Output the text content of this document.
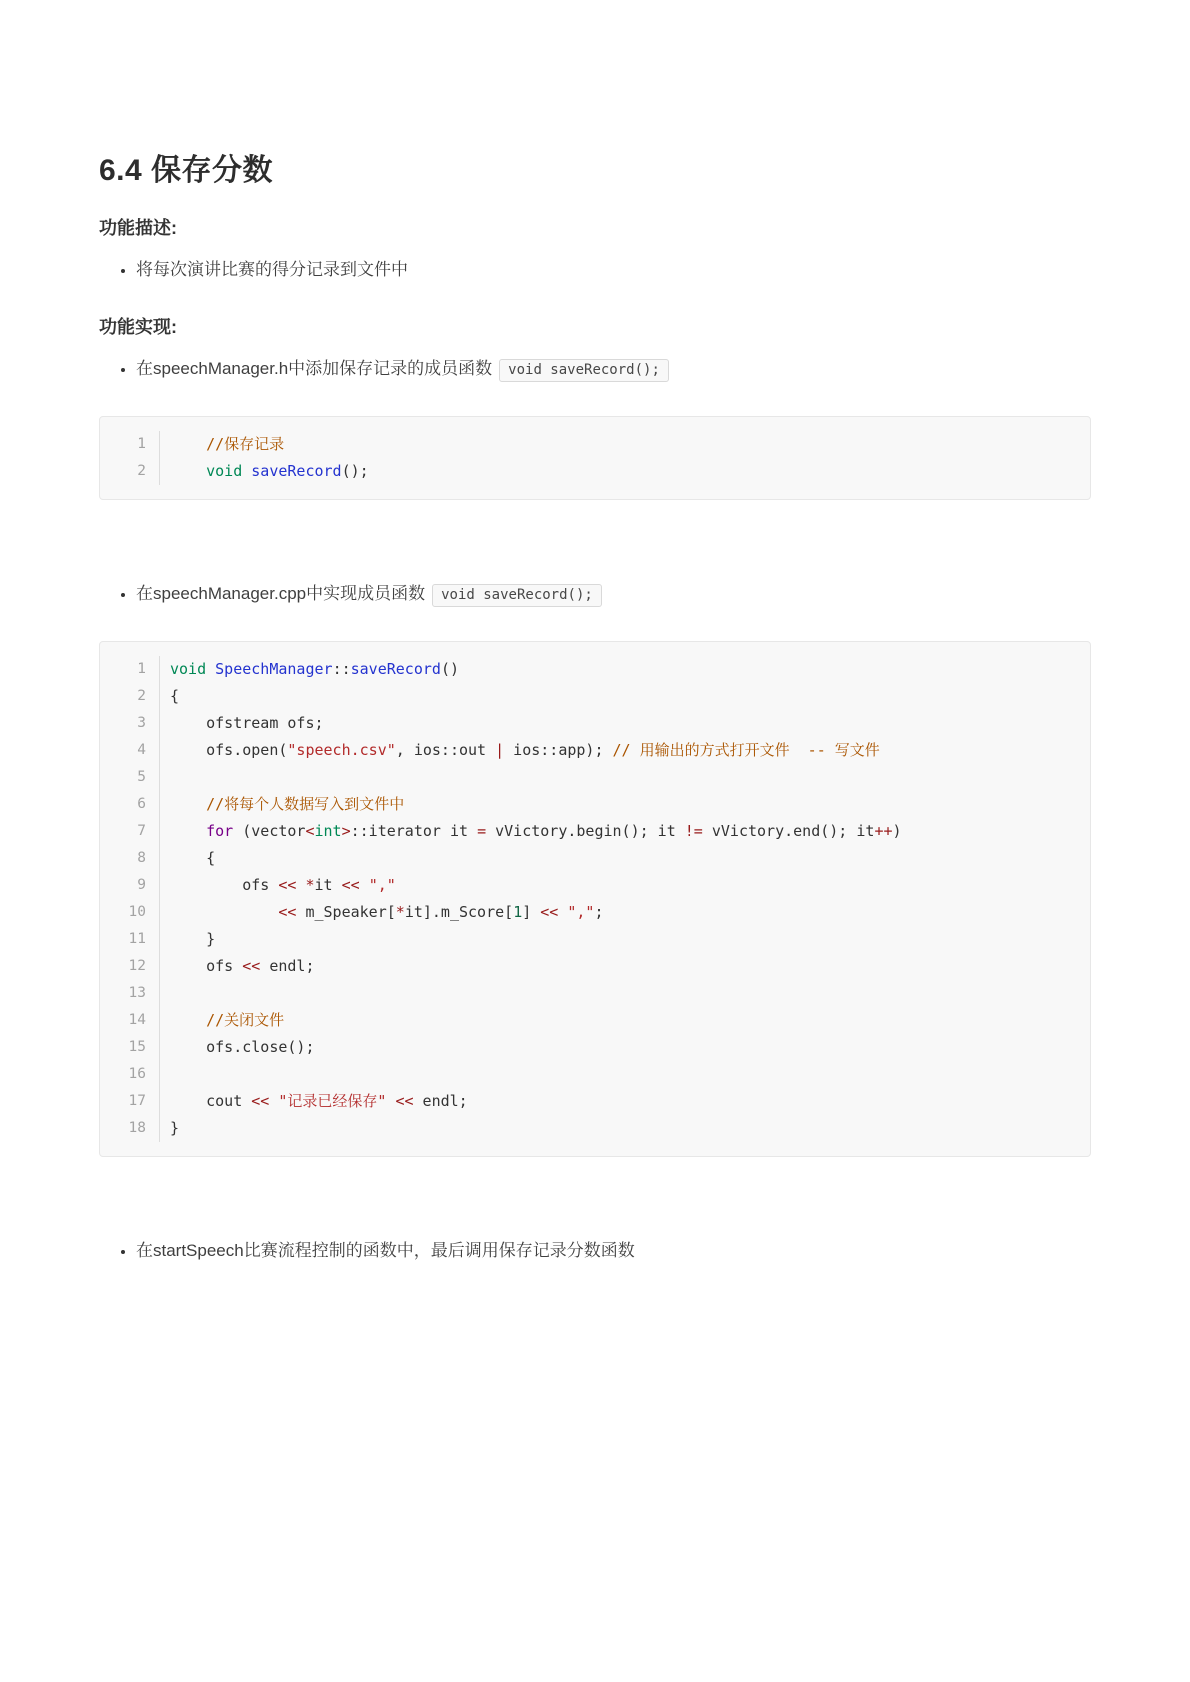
6.4 保存分数

功能描述:

• 将每次演讲比赛的得分记录到文件中

功能实现:

• 在speechManager.h中添加保存记录的成员函数 void saveRecord();
1	//保存记录
2	void saveRecord();
• 在speechManager.cpp中实现成员函数 void saveRecord();
1	void SpeechManager::saveRecord()
2	{
3	ofstream ofs;
4	ofs.open("speech.csv", ios::out | ios::app); // 用输出的方式打开文件  -- 写文件
5
6	//将每个人数据写入到文件中
7	for (vector<int>::iterator it = vVictory.begin(); it != vVictory.end(); it++)
8	{
9	ofs << *it << ","
10	<< m_Speaker[*it].m_Score[1] << ",";
11	}
12	ofs << endl;
13
14	//关闭文件
15	ofs.close();
16
17	cout << "记录已经保存" << endl;
18	}
• 在startSpeech比赛流程控制的函数中，最后调用保存记录分数函数
